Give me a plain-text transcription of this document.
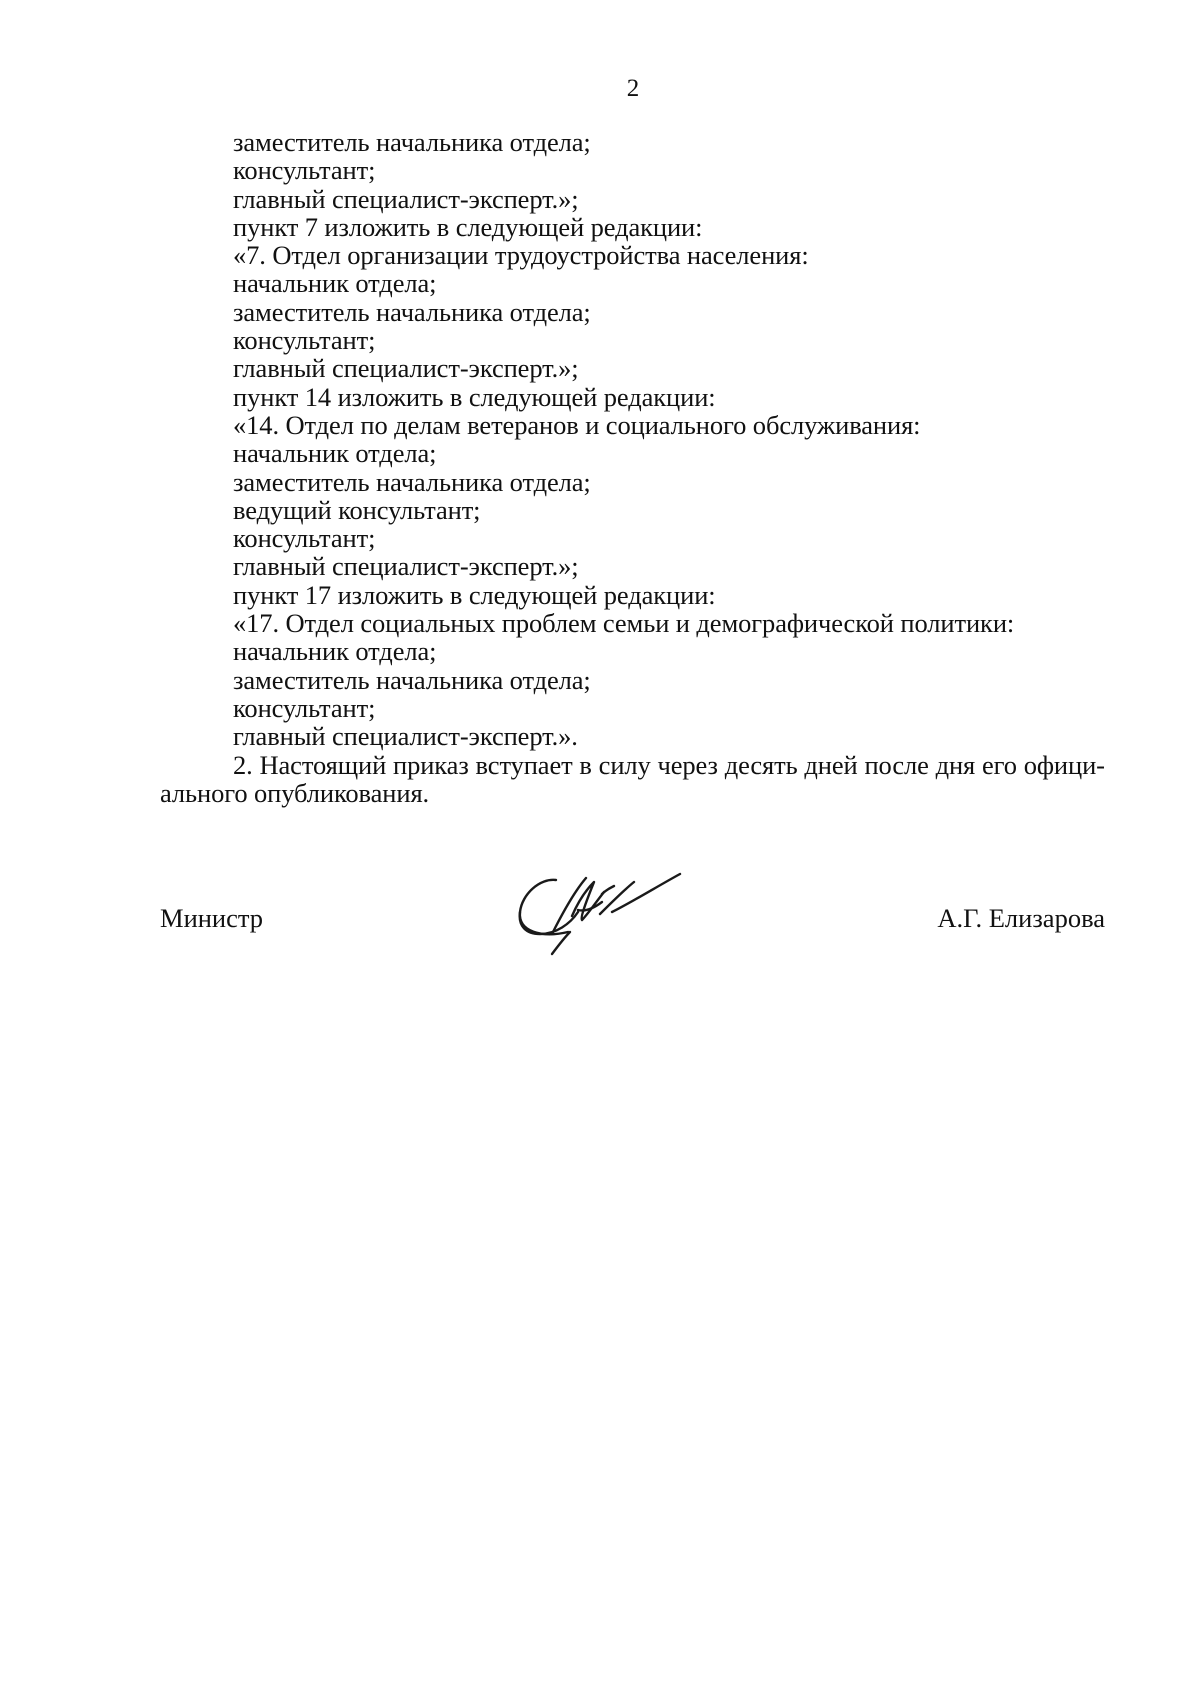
2

заместитель начальника отдела;

консультант;

главный специалист-эксперт.»;

пункт 7 изложить в следующей редакции:

«7. Отдел организации трудоустройства населения:

начальник отдела;

заместитель начальника отдела;

консультант;

главный специалист-эксперт.»;

пункт 14 изложить в следующей редакции:

«14. Отдел по делам ветеранов и социального обслуживания:

начальник отдела;

заместитель начальника отдела;

ведущий консультант;

консультант;

главный специалист-эксперт.»;

пункт 17 изложить в следующей редакции:

«17. Отдел социальных проблем семьи и демографической политики:

начальник отдела;

заместитель начальника отдела;

консультант;

главный специалист-эксперт.».

2. Настоящий приказ вступает в силу через десять дней после дня его официального опубликования.

Министр	А.Г. Елизарова
